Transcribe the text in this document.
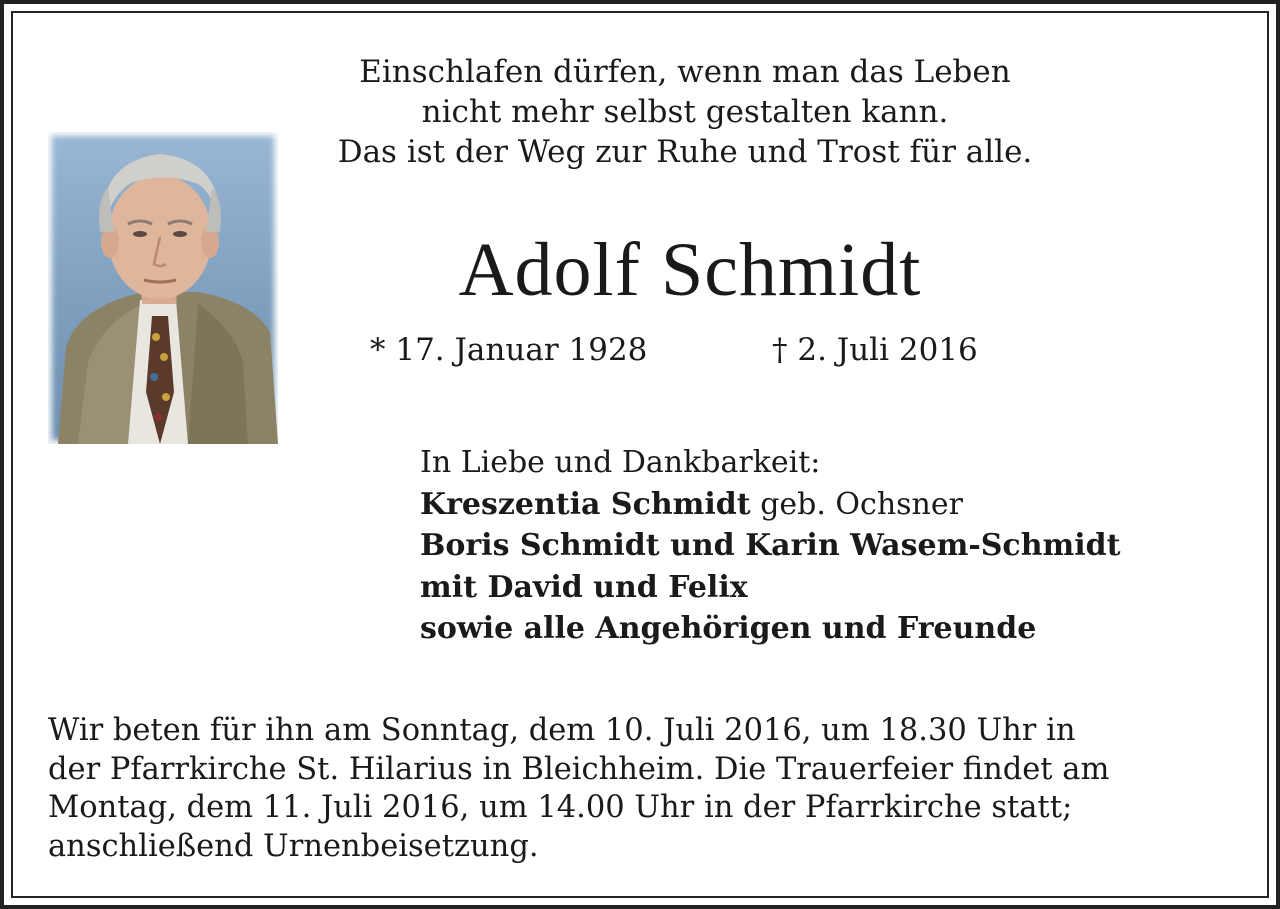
Einschlafen dürfen, wenn man das Leben
nicht mehr selbst gestalten kann.
Das ist der Weg zur Ruhe und Trost für alle.
Adolf Schmidt
* 17. Januar 1928	† 2. Juli 2016
In Liebe und Dankbarkeit:
Kreszentia Schmidt geb. Ochsner
Boris Schmidt und Karin Wasem-Schmidt
mit David und Felix
sowie alle Angehörigen und Freunde
Wir beten für ihn am Sonntag, dem 10. Juli 2016, um 18.30 Uhr in
der Pfarrkirche St. Hilarius in Bleichheim. Die Trauerfeier findet am
Montag, dem 11. Juli 2016, um 14.00 Uhr in der Pfarrkirche statt;
anschließend Urnenbeisetzung.
